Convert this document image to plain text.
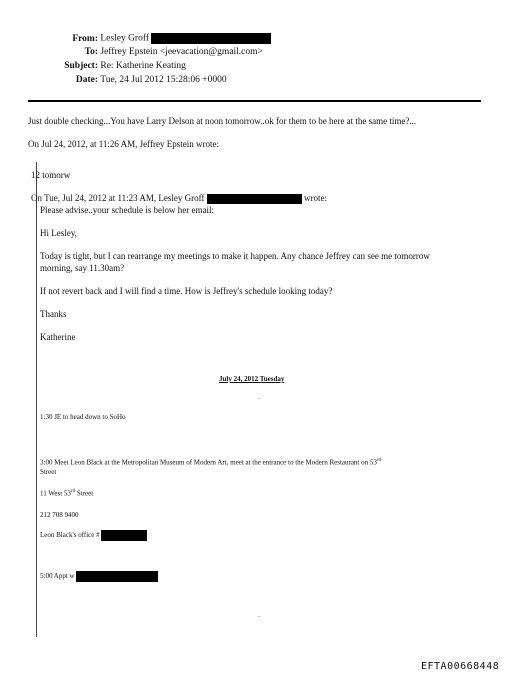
From: Lesley Groff
To: Jeffrey Epstein <jeevacation@gmail.com>
Subject: Re: Katherine Keating
Date: Tue, 24 Jul 2012 15:28:06 +0000
Just double checking...You have Larry Delson at noon tomorrow..ok for them to be here at the same time?...
On Jul 24, 2012, at 11:26 AM, Jeffrey Epstein wrote:
12 tomorw
On Tue, Jul 24, 2012 at 11:23 AM, Lesley Groff	wrote:
Please advise..your schedule is below her email:
Hi Lesley,
Today is tight, but I can rearrange my meetings to make it happen. Any chance Jeffrey can see me tomorrow
morning, say 11.30am?
If not revert back and I will find a time. How is Jeffrey's schedule looking today?
Thanks
Katherine
July 24, 2012 Tuesday
-
1:30 JE to head down to SoHo
3:00 Meet Leon Black at the Metropolitan Museum of Modern Art, meet at the entrance to the Modern Restaurant on 53rd
Street
11 West 53rd Street
212 708 9400
Leon Black's office #
5:00 Appt w
-
EFTA00668448
